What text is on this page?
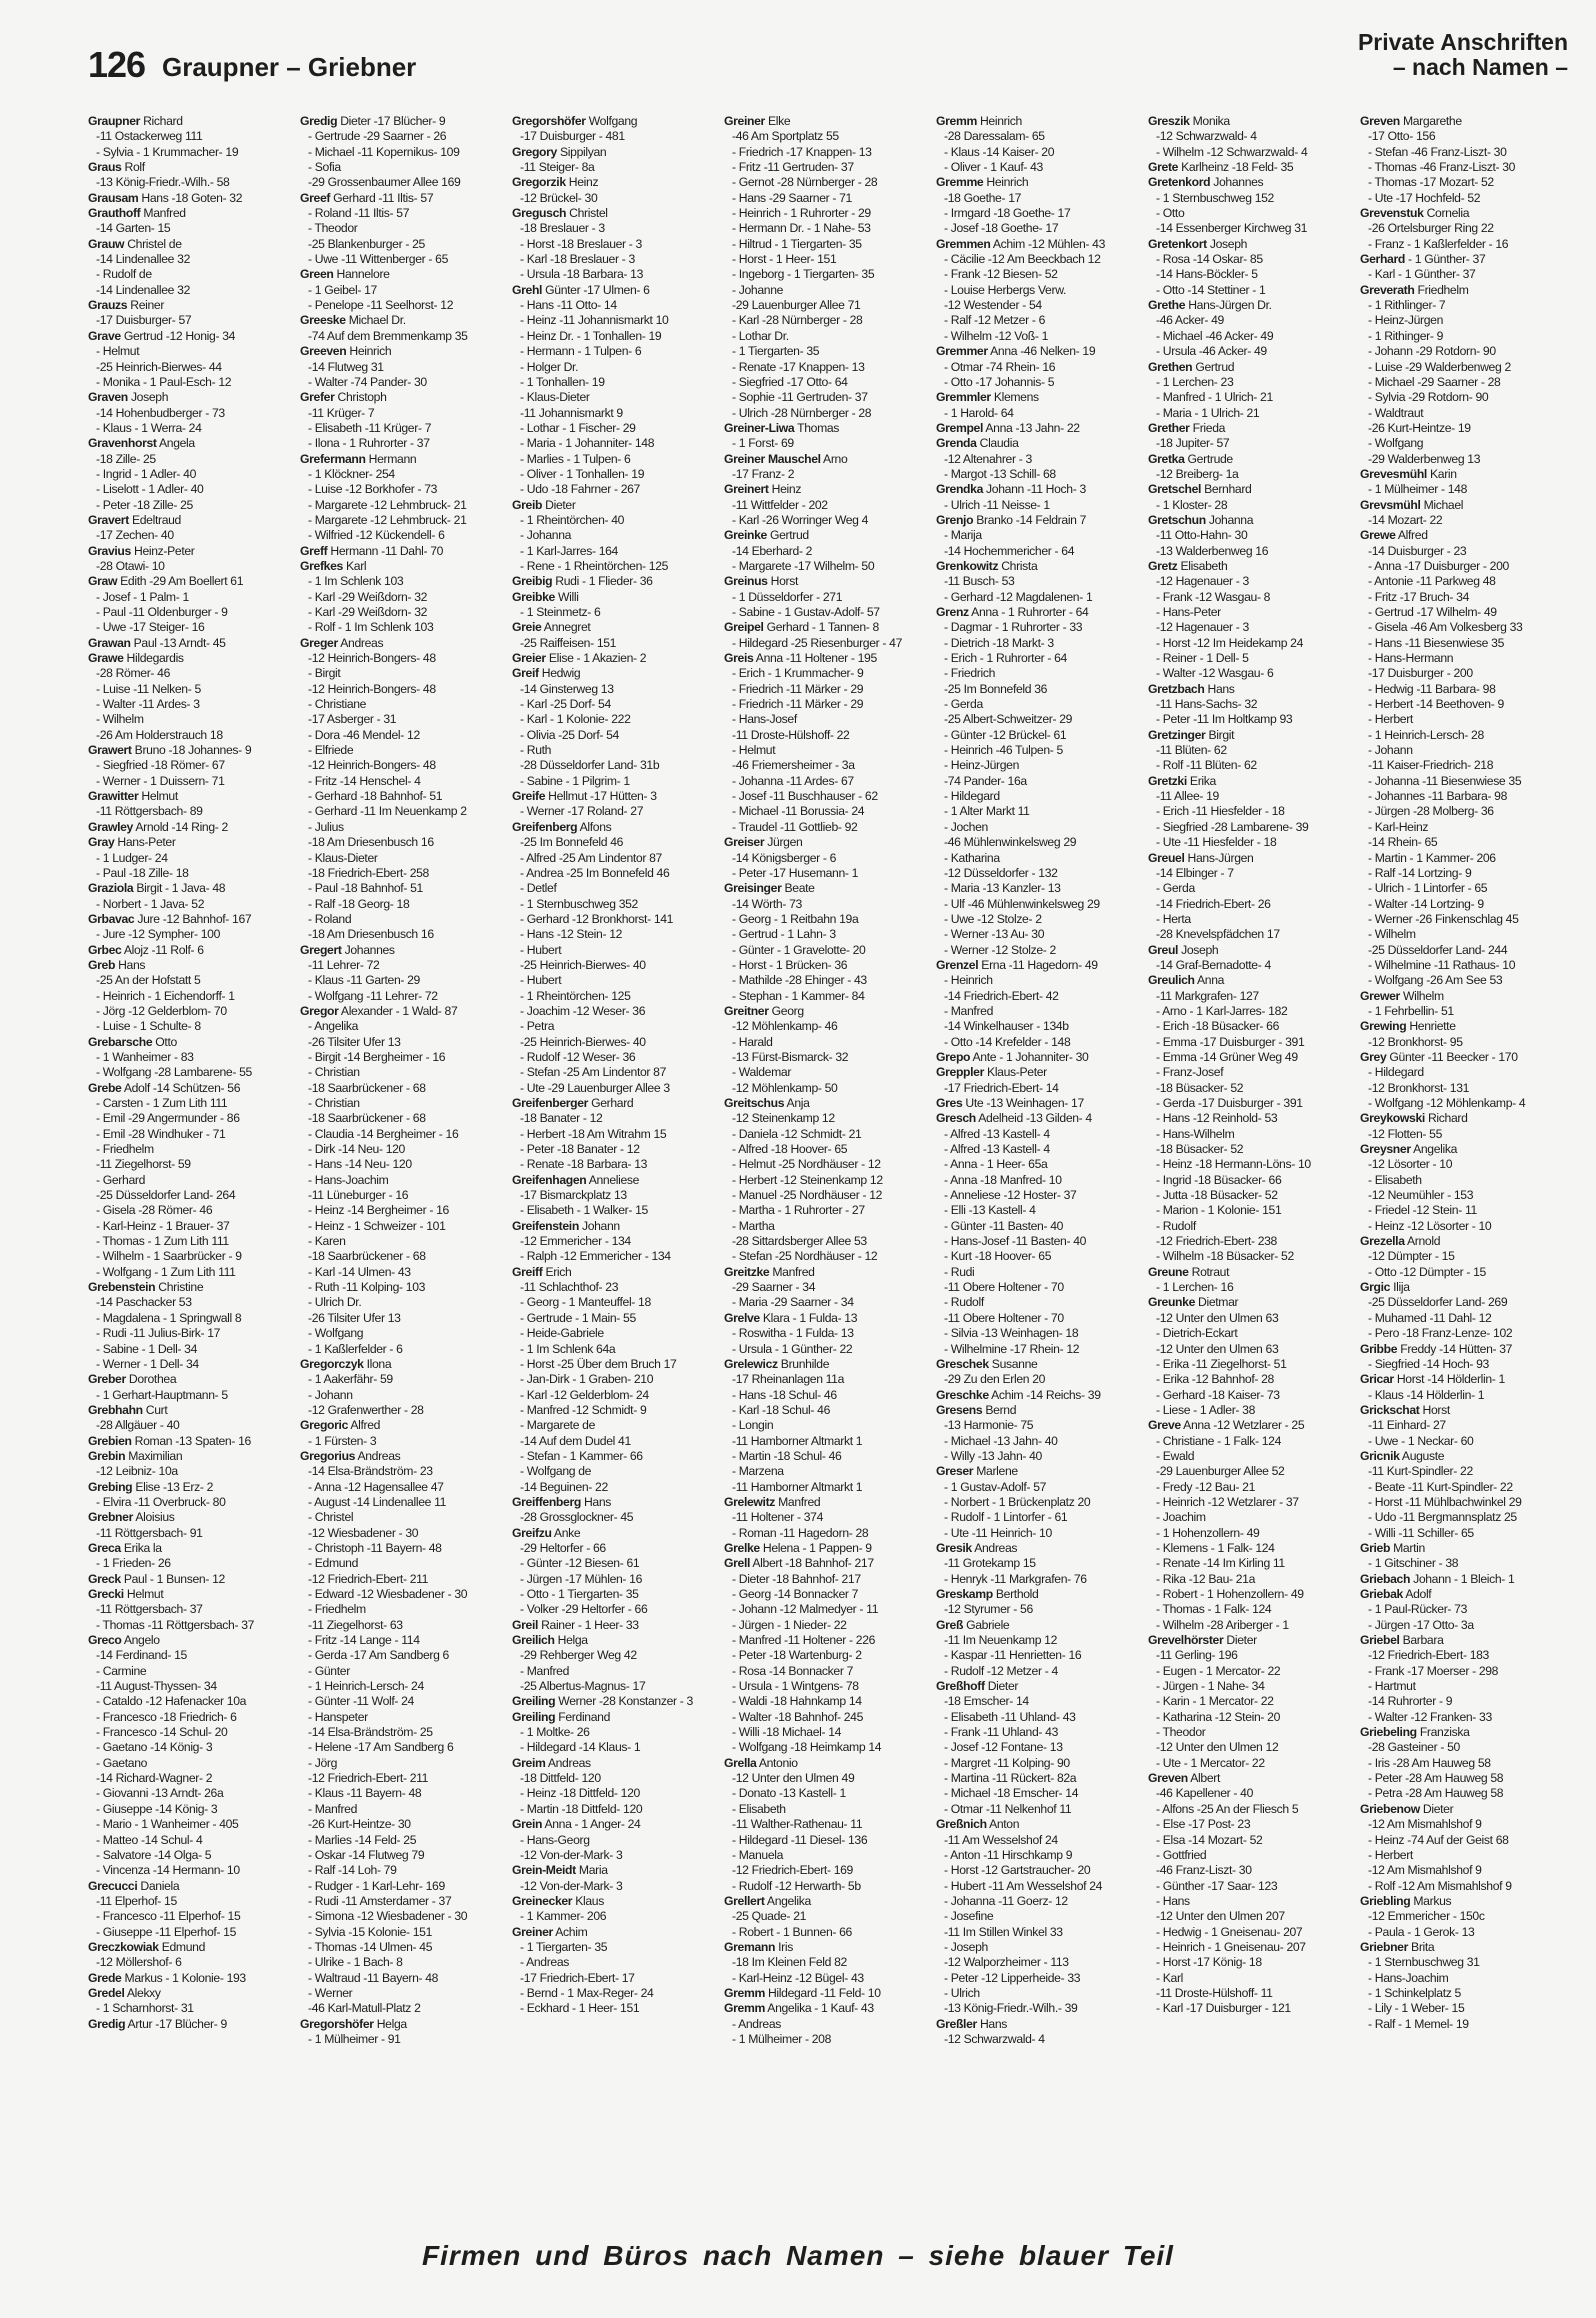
126 Graupner – Griebner
Private Anschriften
– nach Namen –
Graupner Richard
-11 Ostackerweg 111
- Sylvia - 1 Krummacher- 19
Graus Rolf
-13 König-Friedr.-Wilh.- 58
Grausam Hans -18 Goten- 32
Grauthoff Manfred
-14 Garten- 15
Grauw Christel de
-14 Lindenallee 32
- Rudolf de
-14 Lindenallee 32
Grauzs Reiner
-17 Duisburger- 57
Grave Gertrud -12 Honig- 34
- Helmut
-25 Heinrich-Bierwes- 44
- Monika - 1 Paul-Esch- 12
Graven Joseph
-14 Hohenbudberger - 73
- Klaus - 1 Werra- 24
Gravenhorst Angela
-18 Zille- 25
- Ingrid - 1 Adler- 40
- Liselott - 1 Adler- 40
- Peter -18 Zille- 25
Gravert Edeltraud
-17 Zechen- 40
Gravius Heinz-Peter
-28 Otawi- 10
Graw Edith -29 Am Boellert 61
- Josef - 1 Palm- 1
- Paul -11 Oldenburger - 9
- Uwe -17 Steiger- 16
Grawan Paul -13 Arndt- 45
Grawe Hildegardis
-28 Römer- 46
- Luise -11 Nelken- 5
- Walter -11 Ardes- 3
- Wilhelm
-26 Am Holderstrauch 18
Grawert Bruno -18 Johannes- 9
- Siegfried -18 Römer- 67
- Werner - 1 Duissern- 71
Grawitter Helmut
-11 Röttgersbach- 89
Grawley Arnold -14 Ring- 2
Gray Hans-Peter
- 1 Ludger- 24
- Paul -18 Zille- 18
Graziola Birgit - 1 Java- 48
- Norbert - 1 Java- 52
Grbavac Jure -12 Bahnhof- 167
- Jure -12 Sympher- 100
Grbec Alojz -11 Rolf- 6
Greb Hans
-25 An der Hofstatt 5
- Heinrich - 1 Eichendorff- 1
- Jörg -12 Gelderblom- 70
- Luise - 1 Schulte- 8
Grebarsche Otto
- 1 Wanheimer - 83
- Wolfgang -28 Lambarene- 55
Grebe Adolf -14 Schützen- 56
- Carsten - 1 Zum Lith 111
- Emil -29 Angermunder - 86
- Emil -28 Windhuker - 71
- Friedhelm
-11 Ziegelhorst- 59
- Gerhard
-25 Düsseldorfer Land- 264
- Gisela -28 Römer- 46
- Karl-Heinz - 1 Brauer- 37
- Thomas - 1 Zum Lith 111
- Wilhelm - 1 Saarbrücker - 9
- Wolfgang - 1 Zum Lith 111
Grebenstein Christine
-14 Paschacker 53
- Magdalena - 1 Springwall 8
- Rudi -11 Julius-Birk- 17
- Sabine - 1 Dell- 34
- Werner - 1 Dell- 34
Greber Dorothea
- 1 Gerhart-Hauptmann- 5
Grebhahn Curt
-28 Allgäuer - 40
Grebien Roman -13 Spaten- 16
Grebin Maximilian
-12 Leibniz- 10a
Grebing Elise -13 Erz- 2
- Elvira -11 Overbruck- 80
Grebner Aloisius
-11 Röttgersbach- 91
Greca Erika la
- 1 Frieden- 26
Greck Paul - 1 Bunsen- 12
Grecki Helmut
-11 Röttgersbach- 37
- Thomas -11 Röttgersbach- 37
Greco Angelo
-14 Ferdinand- 15
- Carmine
-11 August-Thyssen- 34
- Cataldo -12 Hafenacker 10a
- Francesco -18 Friedrich- 6
- Francesco -14 Schul- 20
- Gaetano -14 König- 3
- Gaetano
-14 Richard-Wagner- 2
- Giovanni -13 Arndt- 26a
- Giuseppe -14 König- 3
- Mario - 1 Wanheimer - 405
- Matteo -14 Schul- 4
- Salvatore -14 Olga- 5
- Vincenza -14 Hermann- 10
Grecucci Daniela
-11 Elperhof- 15
- Francesco -11 Elperhof- 15
- Giuseppe -11 Elperhof- 15
Greczkowiak Edmund
-12 Möllershof- 6
Grede Markus - 1 Kolonie- 193
Gredel Alekxy
- 1 Scharnhorst- 31
Gredig Artur -17 Blücher- 9
Gredig Dieter -17 Blücher- 9
- Gertrude -29 Saarner - 26
- Michael -11 Kopernikus- 109
- Sofia
-29 Grossenbaumer Allee 169
Greef Gerhard -11 Iltis- 57
- Roland -11 Iltis- 57
- Theodor
-25 Blankenburger - 25
- Uwe -11 Wittenberger - 65
Green Hannelore
- 1 Geibel- 17
- Penelope -11 Seelhorst- 12
Greeske Michael Dr.
-74 Auf dem Bremmenkamp 35
Greeven Heinrich
-14 Flutweg 31
- Walter -74 Pander- 30
Grefer Christoph
-11 Krüger- 7
- Elisabeth -11 Krüger- 7
- Ilona - 1 Ruhrorter - 37
Grefermann Hermann
- 1 Klöckner- 254
- Luise -12 Borkhofer - 73
- Margarete -12 Lehmbruck- 21
- Margarete -12 Lehmbruck- 21
- Wilfried -12 Kückendell- 6
Greff Hermann -11 Dahl- 70
Grefkes Karl
- 1 Im Schlenk 103
- Karl -29 Weißdorn- 32
- Karl -29 Weißdorn- 32
- Rolf - 1 Im Schlenk 103
Greger Andreas
-12 Heinrich-Bongers- 48
- Birgit
-12 Heinrich-Bongers- 48
- Christiane
-17 Asberger - 31
- Dora -46 Mendel- 12
- Elfriede
-12 Heinrich-Bongers- 48
- Fritz -14 Henschel- 4
- Gerhard -18 Bahnhof- 51
- Gerhard -11 Im Neuenkamp 2
- Julius
-18 Am Driesenbusch 16
- Klaus-Dieter
-18 Friedrich-Ebert- 258
- Paul -18 Bahnhof- 51
- Ralf -18 Georg- 18
- Roland
-18 Am Driesenbusch 16
Gregert Johannes
-11 Lehrer- 72
- Klaus -11 Garten- 29
- Wolfgang -11 Lehrer- 72
Gregor Alexander - 1 Wald- 87
- Angelika
-26 Tilsiter Ufer 13
- Birgit -14 Bergheimer - 16
- Christian
-18 Saarbrückener - 68
- Christian
-18 Saarbrückener - 68
- Claudia -14 Bergheimer - 16
- Dirk -14 Neu- 120
- Hans -14 Neu- 120
- Hans-Joachim
-11 Lüneburger - 16
- Heinz -14 Bergheimer - 16
- Heinz - 1 Schweizer - 101
- Karen
-18 Saarbrückener - 68
- Karl -14 Ulmen- 43
- Ruth -11 Kolping- 103
- Ulrich Dr.
-26 Tilsiter Ufer 13
- Wolfgang
- 1 Kaßlerfelder - 6
Gregorczyk Ilona
- 1 Aakerfähr- 59
- Johann
-12 Grafenwerther - 28
Gregoric Alfred
- 1 Fürsten- 3
Gregorius Andreas
-14 Elsa-Brändström- 23
- Anna -12 Hagensallee 47
- August -14 Lindenallee 11
- Christel
-12 Wiesbadener - 30
- Christoph -11 Bayern- 48
- Edmund
-12 Friedrich-Ebert- 211
- Edward -12 Wiesbadener - 30
- Friedhelm
-11 Ziegelhorst- 63
- Fritz -14 Lange - 114
- Gerda -17 Am Sandberg 6
- Günter
- 1 Heinrich-Lersch- 24
- Günter -11 Wolf- 24
- Hanspeter
-14 Elsa-Brändström- 25
- Helene -17 Am Sandberg 6
- Jörg
-12 Friedrich-Ebert- 211
- Klaus -11 Bayern- 48
- Manfred
-26 Kurt-Heintze- 30
- Marlies -14 Feld- 25
- Oskar -14 Flutweg 79
- Ralf -14 Loh- 79
- Rudger - 1 Karl-Lehr- 169
- Rudi -11 Amsterdamer - 37
- Simona -12 Wiesbadener - 30
- Sylvia -15 Kolonie- 151
- Thomas -14 Ulmen- 45
- Ulrike - 1 Bach- 8
- Waltraud -11 Bayern- 48
- Werner
-46 Karl-Matull-Platz 2
Gregorshöfer Helga
- 1 Mülheimer - 91
Gregorshöfer Wolfgang
-17 Duisburger - 481
Gregory Sippilyan
-11 Steiger- 8a
Gregorzik Heinz
-12 Brückel- 30
Gregusch Christel
-18 Breslauer - 3
- Horst -18 Breslauer - 3
- Karl -18 Breslauer - 3
- Ursula -18 Barbara- 13
Grehl Günter -17 Ulmen- 6
- Hans -11 Otto- 14
- Heinz -11 Johannismarkt 10
- Heinz Dr. - 1 Tonhallen- 19
- Hermann - 1 Tulpen- 6
- Holger Dr.
- 1 Tonhallen- 19
- Klaus-Dieter
-11 Johannismarkt 9
- Lothar - 1 Fischer- 29
- Maria - 1 Johanniter- 148
- Marlies - 1 Tulpen- 6
- Oliver - 1 Tonhallen- 19
- Udo -18 Fahrner - 267
Greib Dieter
- 1 Rheintörchen- 40
- Johanna
- 1 Karl-Jarres- 164
- Rene - 1 Rheintörchen- 125
Greibig Rudi - 1 Flieder- 36
Greibke Willi
- 1 Steinmetz- 6
Greie Annegret
-25 Raiffeisen- 151
Greier Elise - 1 Akazien- 2
Greif Hedwig
-14 Ginsterweg 13
- Karl -25 Dorf- 54
- Karl - 1 Kolonie- 222
- Olivia -25 Dorf- 54
- Ruth
-28 Düsseldorfer Land- 31b
- Sabine - 1 Pilgrim- 1
Greife Hellmut -17 Hütten- 3
- Werner -17 Roland- 27
Greifenberg Alfons
-25 Im Bonnefeld 46
- Alfred -25 Am Lindentor 87
- Andrea -25 Im Bonnefeld 46
- Detlef
- 1 Sternbuschweg 352
- Gerhard -12 Bronkhorst- 141
- Hans -12 Stein- 12
- Hubert
-25 Heinrich-Bierwes- 40
- Hubert
- 1 Rheintörchen- 125
- Joachim -12 Weser- 36
- Petra
-25 Heinrich-Bierwes- 40
- Rudolf -12 Weser- 36
- Stefan -25 Am Lindentor 87
- Ute -29 Lauenburger Allee 3
Greifenberger Gerhard
-18 Banater - 12
- Herbert -18 Am Witrahm 15
- Peter -18 Banater - 12
- Renate -18 Barbara- 13
Greifenhagen Anneliese
-17 Bismarckplatz 13
- Elisabeth - 1 Walker- 15
Greifenstein Johann
-12 Emmericher - 134
- Ralph -12 Emmericher - 134
Greiff Erich
-11 Schlachthof- 23
- Georg - 1 Manteuffel- 18
- Gertrude - 1 Main- 55
- Heide-Gabriele
- 1 Im Schlenk 64a
- Horst -25 Über dem Bruch 17
- Jan-Dirk - 1 Graben- 210
- Karl -12 Gelderblom- 24
- Manfred -12 Schmidt- 9
- Margarete de
-14 Auf dem Dudel 41
- Stefan - 1 Kammer- 66
- Wolfgang de
-14 Beguinen- 22
Greiffenberg Hans
-28 Grossglockner- 45
Greifzu Anke
-29 Heltorfer - 66
- Günter -12 Biesen- 61
- Jürgen -17 Mühlen- 16
- Otto - 1 Tiergarten- 35
- Volker -29 Heltorfer - 66
Greil Rainer - 1 Heer- 33
Greilich Helga
-29 Rehberger Weg 42
- Manfred
-25 Albertus-Magnus- 17
Greiling Werner -28 Konstanzer - 3
Greiling Ferdinand
- 1 Moltke- 26
- Hildegard -14 Klaus- 1
Greim Andreas
-18 Dittfeld- 120
- Heinz -18 Dittfeld- 120
- Martin -18 Dittfeld- 120
Grein Anna - 1 Anger- 24
- Hans-Georg
-12 Von-der-Mark- 3
Grein-Meidt Maria
-12 Von-der-Mark- 3
Greinecker Klaus
- 1 Kammer- 206
Greiner Achim
- 1 Tiergarten- 35
- Andreas
-17 Friedrich-Ebert- 17
- Bernd - 1 Max-Reger- 24
- Eckhard - 1 Heer- 151
Greiner Elke
-46 Am Sportplatz 55
- Friedrich -17 Knappen- 13
- Fritz -11 Gertruden- 37
- Gernot -28 Nürnberger - 28
- Hans -29 Saarner - 71
- Heinrich - 1 Ruhrorter - 29
- Hermann Dr. - 1 Nahe- 53
- Hiltrud - 1 Tiergarten- 35
- Horst - 1 Heer- 151
- Ingeborg - 1 Tiergarten- 35
- Johanne
-29 Lauenburger Allee 71
- Karl -28 Nürnberger - 28
- Lothar Dr.
- 1 Tiergarten- 35
- Renate -17 Knappen- 13
- Siegfried -17 Otto- 64
- Sophie -11 Gertruden- 37
- Ulrich -28 Nürnberger - 28
Greiner-Liwa Thomas
- 1 Forst- 69
Greiner Mauschel Arno
-17 Franz- 2
Greinert Heinz
-11 Wittfelder - 202
- Karl -26 Worringer Weg 4
Greinke Gertrud
-14 Eberhard- 2
- Margarete -17 Wilhelm- 50
Greinus Horst
- 1 Düsseldorfer - 271
- Sabine - 1 Gustav-Adolf- 57
Greipel Gerhard - 1 Tannen- 8
- Hildegard -25 Riesenburger - 47
Greis Anna -11 Holtener - 195
- Erich - 1 Krummacher- 9
- Friedrich -11 Märker - 29
- Friedrich -11 Märker - 29
- Hans-Josef
-11 Droste-Hülshoff- 22
- Helmut
-46 Friemersheimer - 3a
- Johanna -11 Ardes- 67
- Josef -11 Buschhauser - 62
- Michael -11 Borussia- 24
- Traudel -11 Gottlieb- 92
Greiser Jürgen
-14 Königsberger - 6
- Peter -17 Husemann- 1
Greisinger Beate
-14 Wörth- 73
- Georg - 1 Reitbahn 19a
- Gertrud - 1 Lahn- 3
- Günter - 1 Gravelotte- 20
- Horst - 1 Brücken- 36
- Mathilde -28 Ehinger - 43
- Stephan - 1 Kammer- 84
Greitner Georg
-12 Möhlenkamp- 46
- Harald
-13 Fürst-Bismarck- 32
- Waldemar
-12 Möhlenkamp- 50
Greitschus Anja
-12 Steinenkamp 12
- Daniela -12 Schmidt- 21
- Alfred -18 Hoover- 65
- Helmut -25 Nordhäuser - 12
- Herbert -12 Steinenkamp 12
- Manuel -25 Nordhäuser - 12
- Martha - 1 Ruhrorter - 27
- Martha
-28 Sittardsberger Allee 53
- Stefan -25 Nordhäuser - 12
Greitzke Manfred
-29 Saarner - 34
- Maria -29 Saarner - 34
Grelve Klara - 1 Fulda- 13
- Roswitha - 1 Fulda- 13
- Ursula - 1 Günther- 22
Grelewicz Brunhilde
-17 Rheinanlagen 11a
- Hans -18 Schul- 46
- Karl -18 Schul- 46
- Longin
-11 Hamborner Altmarkt 1
- Martin -18 Schul- 46
- Marzena
-11 Hamborner Altmarkt 1
Grelewitz Manfred
-11 Holtener - 374
- Roman -11 Hagedorn- 28
Grelke Helena - 1 Pappen- 9
Grell Albert -18 Bahnhof- 217
- Dieter -18 Bahnhof- 217
- Georg -14 Bonnacker 7
- Johann -12 Malmedyer - 11
- Jürgen - 1 Nieder- 22
- Manfred -11 Holtener - 226
- Peter -18 Wartenburg- 2
- Rosa -14 Bonnacker 7
- Ursula - 1 Wintgens- 78
- Waldi -18 Hahnkamp 14
- Walter -18 Bahnhof- 245
- Willi -18 Michael- 14
- Wolfgang -18 Heimkamp 14
Grella Antonio
-12 Unter den Ulmen 49
- Donato -13 Kastell- 1
- Elisabeth
-11 Walther-Rathenau- 11
- Hildegard -11 Diesel- 136
- Manuela
-12 Friedrich-Ebert- 169
- Rudolf -12 Herwarth- 5b
Grellert Angelika
-25 Quade- 21
- Robert - 1 Bunnen- 66
Gremann Iris
-18 Im Kleinen Feld 82
- Karl-Heinz -12 Bügel- 43
Gremm Hildegard -11 Feld- 10
Gremm Angelika - 1 Kauf- 43
- Andreas
- 1 Mülheimer - 208
Gremm Heinrich
-28 Daressalam- 65
- Klaus -14 Kaiser- 20
- Oliver - 1 Kauf- 43
Gremme Heinrich
-18 Goethe- 17
- Irmgard -18 Goethe- 17
- Josef -18 Goethe- 17
Gremmen Achim -12 Mühlen- 43
- Cäcilie -12 Am Beeckbach 12
- Frank -12 Biesen- 52
- Louise Herbergs Verw.
-12 Westender - 54
- Ralf -12 Metzer - 6
- Wilhelm -12 Voß- 1
Gremmer Anna -46 Nelken- 19
- Otmar -74 Rhein- 16
- Otto -17 Johannis- 5
Gremmler Klemens
- 1 Harold- 64
Grempel Anna -13 Jahn- 22
Grenda Claudia
-12 Altenahrer - 3
- Margot -13 Schill- 68
Grendka Johann -11 Hoch- 3
- Ulrich -11 Neisse- 1
Grenjo Branko -14 Feldrain 7
- Marija
-14 Hochemmericher - 64
Grenkowitz Christa
-11 Busch- 53
- Gerhard -12 Magdalenen- 1
Grenz Anna - 1 Ruhrorter - 64
- Dagmar - 1 Ruhrorter - 33
- Dietrich -18 Markt- 3
- Erich - 1 Ruhrorter - 64
- Friedrich
-25 Im Bonnefeld 36
- Gerda
-25 Albert-Schweitzer- 29
- Günter -12 Brückel- 61
- Heinrich -46 Tulpen- 5
- Heinz-Jürgen
-74 Pander- 16a
- Hildegard
- 1 Alter Markt 11
- Jochen
-46 Mühlenwinkelsweg 29
- Katharina
-12 Düsseldorfer - 132
- Maria -13 Kanzler- 13
- Ulf -46 Mühlenwinkelsweg 29
- Uwe -12 Stolze- 2
- Werner -13 Au- 30
- Werner -12 Stolze- 2
Grenzel Erna -11 Hagedorn- 49
- Heinrich
-14 Friedrich-Ebert- 42
- Manfred
-14 Winkelhauser - 134b
- Otto -14 Krefelder - 148
Grepo Ante - 1 Johanniter- 30
Greppler Klaus-Peter
-17 Friedrich-Ebert- 14
Gres Ute -13 Weinhagen- 17
Gresch Adelheid -13 Gilden- 4
- Alfred -13 Kastell- 4
- Alfred -13 Kastell- 4
- Anna - 1 Heer- 65a
- Anna -18 Manfred- 10
- Anneliese -12 Hoster- 37
- Elli -13 Kastell- 4
- Günter -11 Basten- 40
- Hans-Josef -11 Basten- 40
- Kurt -18 Hoover- 65
- Rudi
-11 Obere Holtener - 70
- Rudolf
-11 Obere Holtener - 70
- Silvia -13 Weinhagen- 18
- Wilhelmine -17 Rhein- 12
Greschek Susanne
-29 Zu den Erlen 20
Greschke Achim -14 Reichs- 39
Gresens Bernd
-13 Harmonie- 75
- Michael -13 Jahn- 40
- Willy -13 Jahn- 40
Greser Marlene
- 1 Gustav-Adolf- 57
- Norbert - 1 Brückenplatz 20
- Rudolf - 1 Lintorfer - 61
- Ute -11 Heinrich- 10
Gresik Andreas
-11 Grotekamp 15
- Henryk -11 Markgrafen- 76
Greskamp Berthold
-12 Styrumer - 56
Greß Gabriele
-11 Im Neuenkamp 12
- Kaspar -11 Henrietten- 16
- Rudolf -12 Metzer - 4
Greßhoff Dieter
-18 Emscher- 14
- Elisabeth -11 Uhland- 43
- Frank -11 Uhland- 43
- Josef -12 Fontane- 13
- Margret -11 Kolping- 90
- Martina -11 Rückert- 82a
- Michael -18 Emscher- 14
- Otmar -11 Nelkenhof 11
Greßnich Anton
-11 Am Wesselshof 24
- Anton -11 Hirschkamp 9
- Horst -12 Gartstraucher- 20
- Hubert -11 Am Wesselshof 24
- Johanna -11 Goerz- 12
- Josefine
-11 Im Stillen Winkel 33
- Joseph
-12 Walporzheimer - 113
- Peter -12 Lipperheide- 33
- Ulrich
-13 König-Friedr.-Wilh.- 39
Greßler Hans
-12 Schwarzwald- 4
Greszik Monika
-12 Schwarzwald- 4
- Wilhelm -12 Schwarzwald- 4
Grete Karlheinz -18 Feld- 35
Gretenkord Johannes
- 1 Sternbuschweg 152
- Otto
-14 Essenberger Kirchweg 31
Gretenkort Joseph
- Rosa -14 Oskar- 85
-14 Hans-Böckler- 5
- Otto -14 Stettiner - 1
Grethe Hans-Jürgen Dr.
-46 Acker- 49
- Michael -46 Acker- 49
- Ursula -46 Acker- 49
Grethen Gertrud
- 1 Lerchen- 23
- Manfred - 1 Ulrich- 21
- Maria - 1 Ulrich- 21
Grether Frieda
-18 Jupiter- 57
Gretka Gertrude
-12 Breiberg- 1a
Gretschel Bernhard
- 1 Kloster- 28
Gretschun Johanna
-11 Otto-Hahn- 30
-13 Walderbenweg 16
Gretz Elisabeth
-12 Hagenauer - 3
- Frank -12 Wasgau- 8
- Hans-Peter
-12 Hagenauer - 3
- Horst -12 Im Heidekamp 24
- Reiner - 1 Dell- 5
- Walter -12 Wasgau- 6
Gretzbach Hans
-11 Hans-Sachs- 32
- Peter -11 Im Holtkamp 93
Gretzinger Birgit
-11 Blüten- 62
- Rolf -11 Blüten- 62
Gretzki Erika
-11 Allee- 19
- Erich -11 Hiesfelder - 18
- Siegfried -28 Lambarene- 39
- Ute -11 Hiesfelder - 18
Greuel Hans-Jürgen
-14 Elbinger - 7
- Gerda
-14 Friedrich-Ebert- 26
- Herta
-28 Knevelspfädchen 17
Greul Joseph
-14 Graf-Bernadotte- 4
Greulich Anna
-11 Markgrafen- 127
- Arno - 1 Karl-Jarres- 182
- Erich -18 Büsacker- 66
- Emma -17 Duisburger - 391
- Emma -14 Grüner Weg 49
- Franz-Josef
-18 Büsacker- 52
- Gerda -17 Duisburger - 391
- Hans -12 Reinhold- 53
- Hans-Wilhelm
-18 Büsacker- 52
- Heinz -18 Hermann-Löns- 10
- Ingrid -18 Büsacker- 66
- Jutta -18 Büsacker- 52
- Marion - 1 Kolonie- 151
- Rudolf
-12 Friedrich-Ebert- 238
- Wilhelm -18 Büsacker- 52
Greune Rotraut
- 1 Lerchen- 16
Greunke Dietmar
-12 Unter den Ulmen 63
- Dietrich-Eckart
-12 Unter den Ulmen 63
- Erika -11 Ziegelhorst- 51
- Erika -12 Bahnhof- 28
- Gerhard -18 Kaiser- 73
- Liese - 1 Adler- 38
Greve Anna -12 Wetzlarer - 25
- Christiane - 1 Falk- 124
- Ewald
-29 Lauenburger Allee 52
- Fredy -12 Bau- 21
- Heinrich -12 Wetzlarer - 37
- Joachim
- 1 Hohenzollern- 49
- Klemens - 1 Falk- 124
- Renate -14 Im Kirling 11
- Rika -12 Bau- 21a
- Robert - 1 Hohenzollern- 49
- Thomas - 1 Falk- 124
- Wilhelm -28 Ariberger - 1
Grevelhörster Dieter
-11 Gerling- 196
- Eugen - 1 Mercator- 22
- Jürgen - 1 Nahe- 34
- Karin - 1 Mercator- 22
- Katharina -12 Stein- 20
- Theodor
-12 Unter den Ulmen 12
- Ute - 1 Mercator- 22
Greven Albert
-46 Kapellener - 40
- Alfons -25 An der Fliesch 5
- Else -17 Post- 23
- Elsa -14 Mozart- 52
- Gottfried
-46 Franz-Liszt- 30
- Günther -17 Saar- 123
- Hans
-12 Unter den Ulmen 207
- Hedwig - 1 Gneisenau- 207
- Heinrich - 1 Gneisenau- 207
- Horst -17 König- 18
- Karl
-11 Droste-Hülshoff- 11
- Karl -17 Duisburger - 121
Greven Margarethe
-17 Otto- 156
- Stefan -46 Franz-Liszt- 30
- Thomas -46 Franz-Liszt- 30
- Thomas -17 Mozart- 52
- Ute -17 Hochfeld- 52
Grevenstuk Cornelia
-26 Ortelsburger Ring 22
- Franz - 1 Kaßlerfelder - 16
Gerhard - 1 Günther- 37
- Karl - 1 Günther- 37
Greverath Friedhelm
- 1 Rithlinger- 7
- Heinz-Jürgen
- 1 Rithinger- 9
- Johann -29 Rotdorn- 90
- Luise -29 Walderbenweg 2
- Michael -29 Saarner - 28
- Sylvia -29 Rotdorn- 90
- Waldtraut
-26 Kurt-Heintze- 19
- Wolfgang
-29 Walderbenweg 13
Grevesmühl Karin
- 1 Mülheimer - 148
Grevsmühl Michael
-14 Mozart- 22
Grewe Alfred
-14 Duisburger - 23
- Anna -17 Duisburger - 200
- Antonie -11 Parkweg 48
- Fritz -17 Bruch- 34
- Gertrud -17 Wilhelm- 49
- Gisela -46 Am Volkesberg 33
- Hans -11 Biesenwiese 35
- Hans-Hermann
-17 Duisburger - 200
- Hedwig -11 Barbara- 98
- Herbert -14 Beethoven- 9
- Herbert
- 1 Heinrich-Lersch- 28
- Johann
-11 Kaiser-Friedrich- 218
- Johanna -11 Biesenwiese 35
- Johannes -11 Barbara- 98
- Jürgen -28 Molberg- 36
- Karl-Heinz
-14 Rhein- 65
- Martin - 1 Kammer- 206
- Ralf -14 Lortzing- 9
- Ulrich - 1 Lintorfer - 65
- Walter -14 Lortzing- 9
- Werner -26 Finkenschlag 45
- Wilhelm
-25 Düsseldorfer Land- 244
- Wilhelmine -11 Rathaus- 10
- Wolfgang -26 Am See 53
Grewer Wilhelm
- 1 Fehrbellin- 51
Grewing Henriette
-12 Bronkhorst- 95
Grey Günter -11 Beecker - 170
- Hildegard
-12 Bronkhorst- 131
- Wolfgang -12 Möhlenkamp- 4
Greykowski Richard
-12 Flotten- 55
Greysner Angelika
-12 Lösorter - 10
- Elisabeth
-12 Neumühler - 153
- Friedel -12 Stein- 11
- Heinz -12 Lösorter - 10
Grezella Arnold
-12 Dümpter - 15
- Otto -12 Dümpter - 15
Grgic Ilija
-25 Düsseldorfer Land- 269
- Muhamed -11 Dahl- 12
- Pero -18 Franz-Lenze- 102
Gribbe Freddy -14 Hütten- 37
- Siegfried -14 Hoch- 93
Gricar Horst -14 Hölderlin- 1
- Klaus -14 Hölderlin- 1
Grickschat Horst
-11 Einhard- 27
- Uwe - 1 Neckar- 60
Gricnik Auguste
-11 Kurt-Spindler- 22
- Beate -11 Kurt-Spindler- 22
- Horst -11 Mühlbachwinkel 29
- Udo -11 Bergmannsplatz 25
- Willi -11 Schiller- 65
Grieb Martin
- 1 Gitschiner - 38
Griebach Johann - 1 Bleich- 1
Griebak Adolf
- 1 Paul-Rücker- 73
- Jürgen -17 Otto- 3a
Griebel Barbara
-12 Friedrich-Ebert- 183
- Frank -17 Moerser - 298
- Hartmut
-14 Ruhrorter - 9
- Walter -12 Franken- 33
Griebeling Franziska
-28 Gasteiner - 50
- Iris -28 Am Hauweg 58
- Peter -28 Am Hauweg 58
- Petra -28 Am Hauweg 58
Griebenow Dieter
-12 Am Mismahlshof 9
- Heinz -74 Auf der Geist 68
- Herbert
-12 Am Mismahlshof 9
- Rolf -12 Am Mismahlshof 9
Griebling Markus
-12 Emmericher - 150c
- Paula - 1 Gerok- 13
Griebner Brita
- 1 Sternbuschweg 31
- Hans-Joachim
- 1 Schinkelplatz 5
- Lily - 1 Weber- 15
- Ralf - 1 Memel- 19
Firmen und Büros nach Namen – siehe blauer Teil
